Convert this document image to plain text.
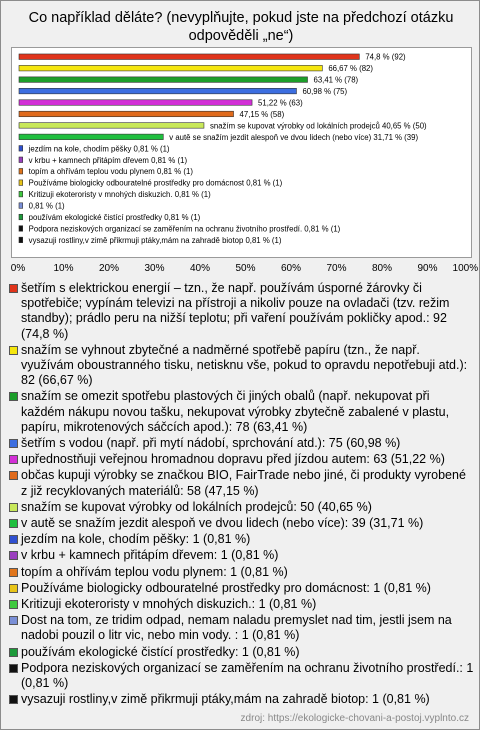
Co například děláte? (nevyplňujte, pokud jste na předchozí otázku odpověděli „ne“)
74,8 % (92)
66,67 % (82)
63,41 % (78)
60,98 % (75)
51,22 % (63)
47,15 % (58)
snažím se kupovat výrobky od lokálních prodejců 40,65 % (50)
v autě se snažím jezdit alespoň ve dvou lidech (nebo více) 31,71 % (39)
jezdím na kole, chodím pěšky 0,81 % (1)
v krbu + kamnech přitápím dřevem 0,81 % (1)
topím a ohřívám teplou vodu plynem 0,81 % (1)
Používáme biologicky odbouratelné prostředky pro domácnost 0,81 % (1)
Kritizuji ekoteroristy v mnohých diskuzich. 0,81 % (1)
0,81 % (1)
používám ekologické čistící prostředky 0,81 % (1)
Podpora neziskových organizací se zaměřením na ochranu životního prostředí. 0,81 % (1)
vysazuji rostliny,v zimě přikrmuji ptáky,mám na zahradě biotop 0,81 % (1)
0%	10%	20%	30%	40%	50%	60%	70%	80%	90% 100%
šetřím s elektrickou energií – tzn., že např. používám úsporné žárovky či spotřebiče; vypínám televizi na přístroji a nikoliv pouze na ovladači (tzv. režim standby); prádlo peru na nižší teplotu; při vaření používám pokličky apod.: 92 (74,8 %)
snažím se vyhnout zbytečné a nadměrné spotřebě papíru (tzn., že např. využívám oboustranného tisku, netisknu vše, pokud to opravdu nepotřebuji atd.): 82 (66,67 %)
snažím se omezit spotřebu plastových či jiných obalů (např. nekupovat při každém nákupu novou tašku, nekupovat výrobky zbytečně zabalené v plastu, papíru, mikrotenových sáčcích apod.): 78 (63,41 %)
šetřím s vodou (např. při mytí nádobí, sprchování atd.): 75 (60,98 %)
upřednostňuji veřejnou hromadnou dopravu před jízdou autem: 63 (51,22 %)
občas kupuji výrobky se značkou BIO, FairTrade nebo jiné, či produkty vyrobené z již recyklovaných materiálů: 58 (47,15 %)
snažím se kupovat výrobky od lokálních prodejců: 50 (40,65 %)
v autě se snažím jezdit alespoň ve dvou lidech (nebo více): 39 (31,71 %)
jezdím na kole, chodím pěšky: 1 (0,81 %)
v krbu + kamnech přitápím dřevem: 1 (0,81 %)
topím a ohřívám teplou vodu plynem: 1 (0,81 %)
Používáme biologicky odbouratelné prostředky pro domácnost: 1 (0,81 %)
Kritizuji ekoteroristy v mnohých diskuzich.: 1 (0,81 %)
Dost na tom, ze tridim odpad, nemam naladu premyslet nad tim, jestli jsem na nadobi pouzil o litr vic, nebo min vody. : 1 (0,81 %)
používám ekologické čistící prostředky: 1 (0,81 %)
Podpora neziskových organizací se zaměřením na ochranu životního prostředí.: 1 (0,81 %)
vysazuji rostliny,v zimě přikrmuji ptáky,mám na zahradě biotop: 1 (0,81 %)
zdroj: https://ekologicke-chovani-a-postoj.vyplnto.cz
